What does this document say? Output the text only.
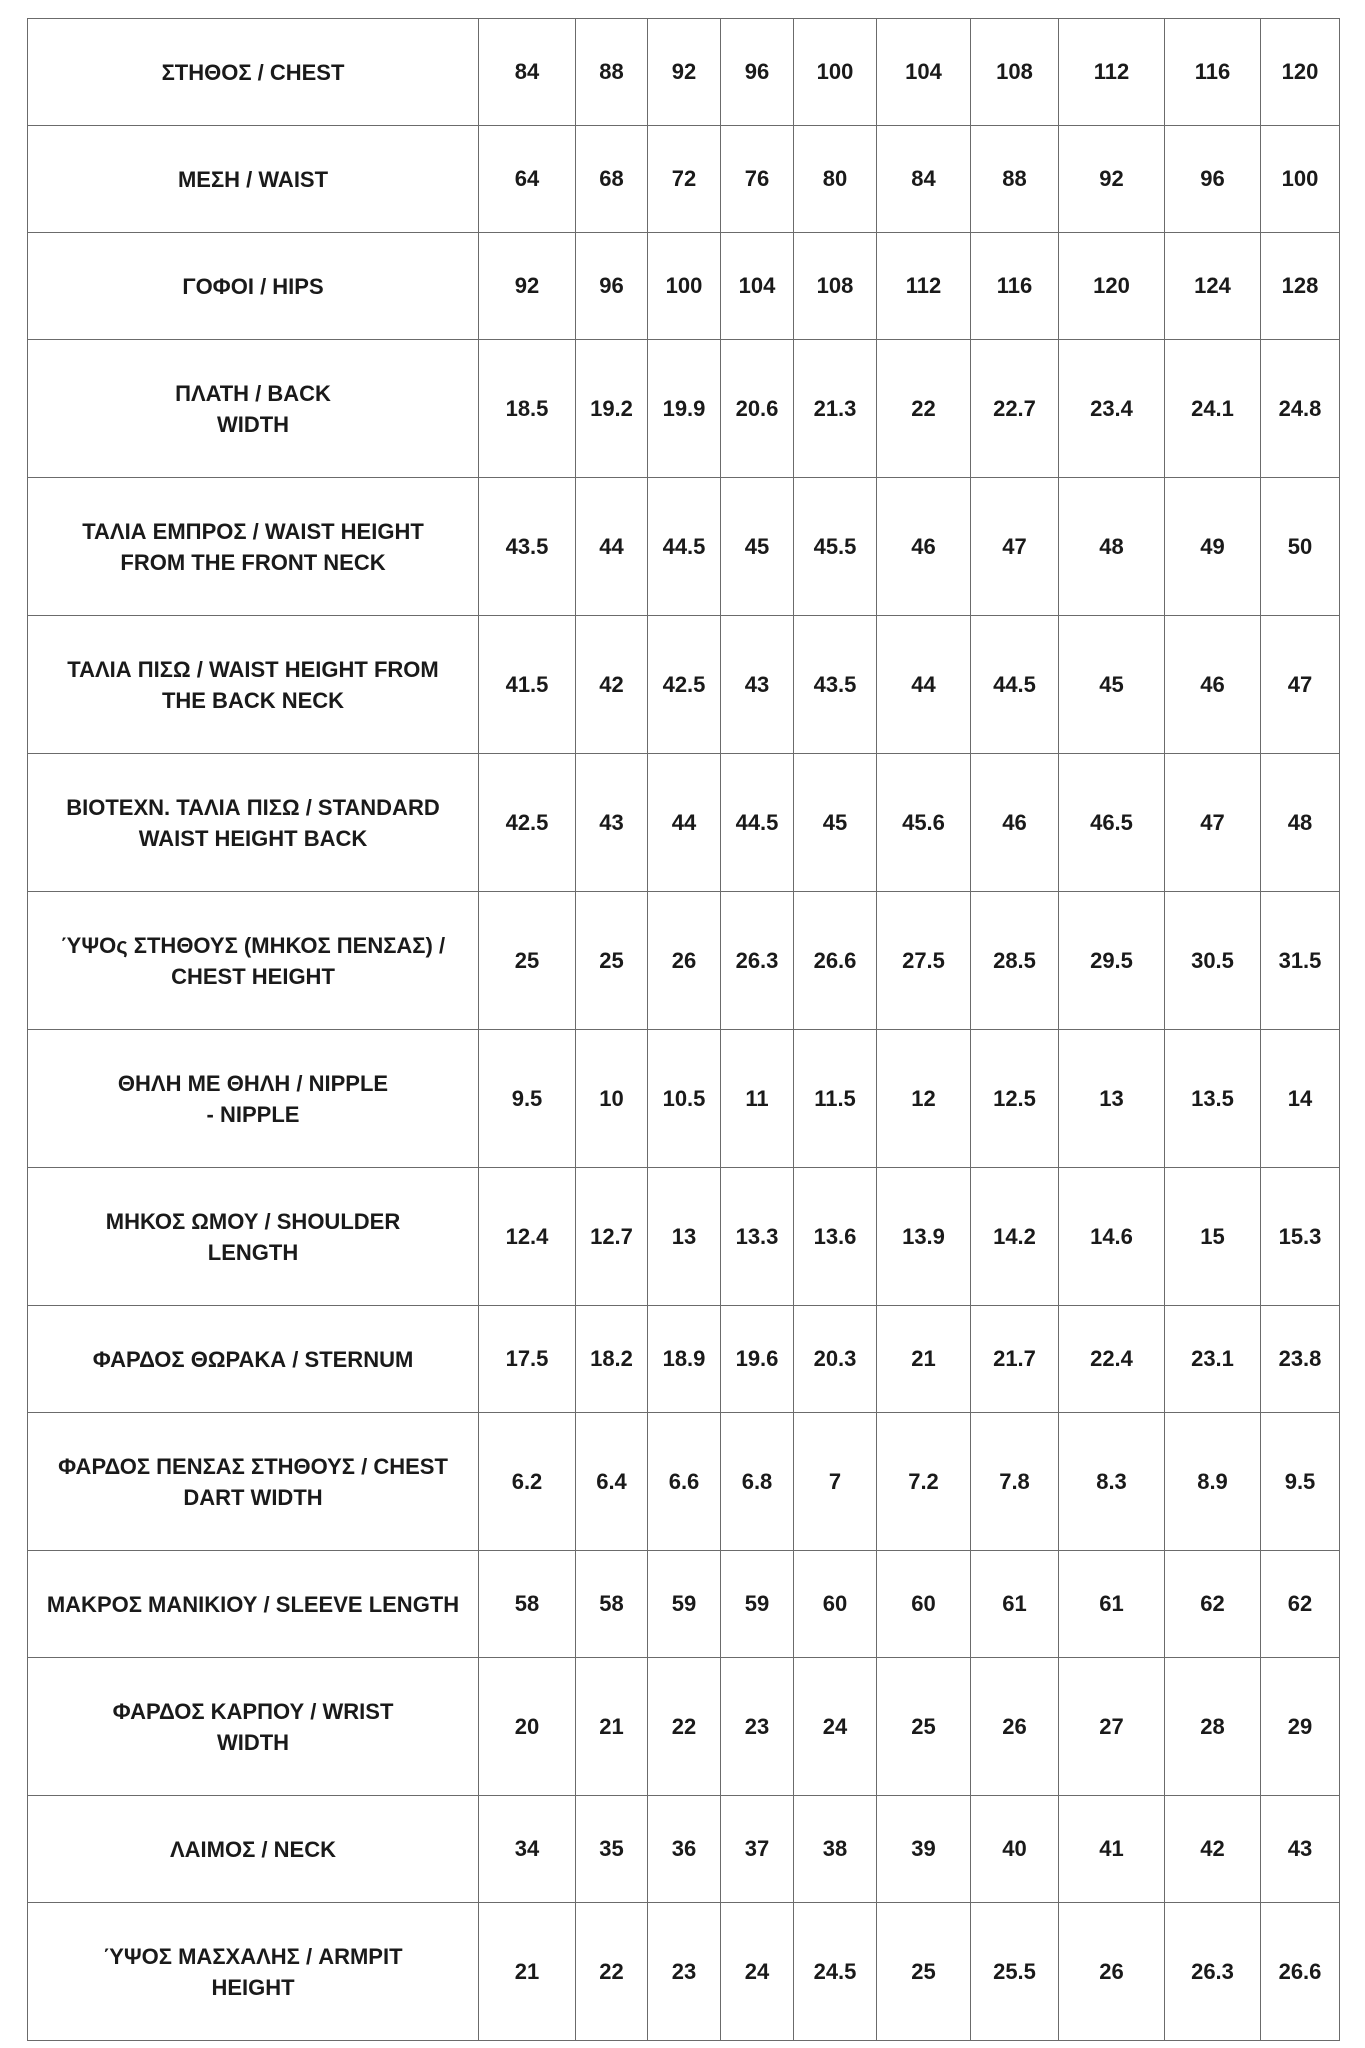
ΣΤΗΘΟΣ / CHEST	84	88	92	96	100	104	108	112	116	120
ΜΕΣΗ / WAIST	64	68	72	76	80	84	88	92	96	100
ΓΟΦΟΙ / HIPS	92	96	100	104	108	112	116	120	124	128
ΠΛΑΤΗ / BACK
WIDTH	18.5	19.2	19.9	20.6	21.3	22	22.7	23.4	24.1	24.8
ΤΑΛΙΑ ΕΜΠΡΟΣ / WAIST HEIGHT
FROM THE FRONT NECK	43.5	44	44.5	45	45.5	46	47	48	49	50
ΤΑΛΙΑ ΠΙΣΩ / WAIST HEIGHT FROM
THE BACK NECK	41.5	42	42.5	43	43.5	44	44.5	45	46	47
ΒΙΟΤΕΧΝ. ΤΑΛΙΑ ΠΙΣΩ / STANDARD
WAIST HEIGHT BACK	42.5	43	44	44.5	45	45.6	46	46.5	47	48
ΎΨΟς ΣΤΗΘΟΥΣ (ΜΗΚΟΣ ΠΕΝΣΑΣ) /
CHEST HEIGHT	25	25	26	26.3	26.6	27.5	28.5	29.5	30.5	31.5
ΘΗΛΗ ΜΕ ΘΗΛΗ / NIPPLE
- NIPPLE	9.5	10	10.5	11	11.5	12	12.5	13	13.5	14
ΜΗΚΟΣ ΩΜΟΥ / SHOULDER
LENGTH	12.4	12.7	13	13.3	13.6	13.9	14.2	14.6	15	15.3
ΦΑΡΔΟΣ ΘΩΡΑΚΑ / STERNUM	17.5	18.2	18.9	19.6	20.3	21	21.7	22.4	23.1	23.8
ΦΑΡΔΟΣ ΠΕΝΣΑΣ ΣΤΗΘΟΥΣ / CHEST
DART WIDTH	6.2	6.4	6.6	6.8	7	7.2	7.8	8.3	8.9	9.5
ΜΑΚΡΟΣ ΜΑΝΙΚΙΟΥ / SLEEVE LENGTH	58	58	59	59	60	60	61	61	62	62
ΦΑΡΔΟΣ ΚΑΡΠΟΥ / WRIST
WIDTH	20	21	22	23	24	25	26	27	28	29
ΛΑΙΜΟΣ / NECK	34	35	36	37	38	39	40	41	42	43
ΎΨΟΣ ΜΑΣΧΑΛΗΣ / ARMPIT
HEIGHT	21	22	23	24	24.5	25	25.5	26	26.3	26.6
